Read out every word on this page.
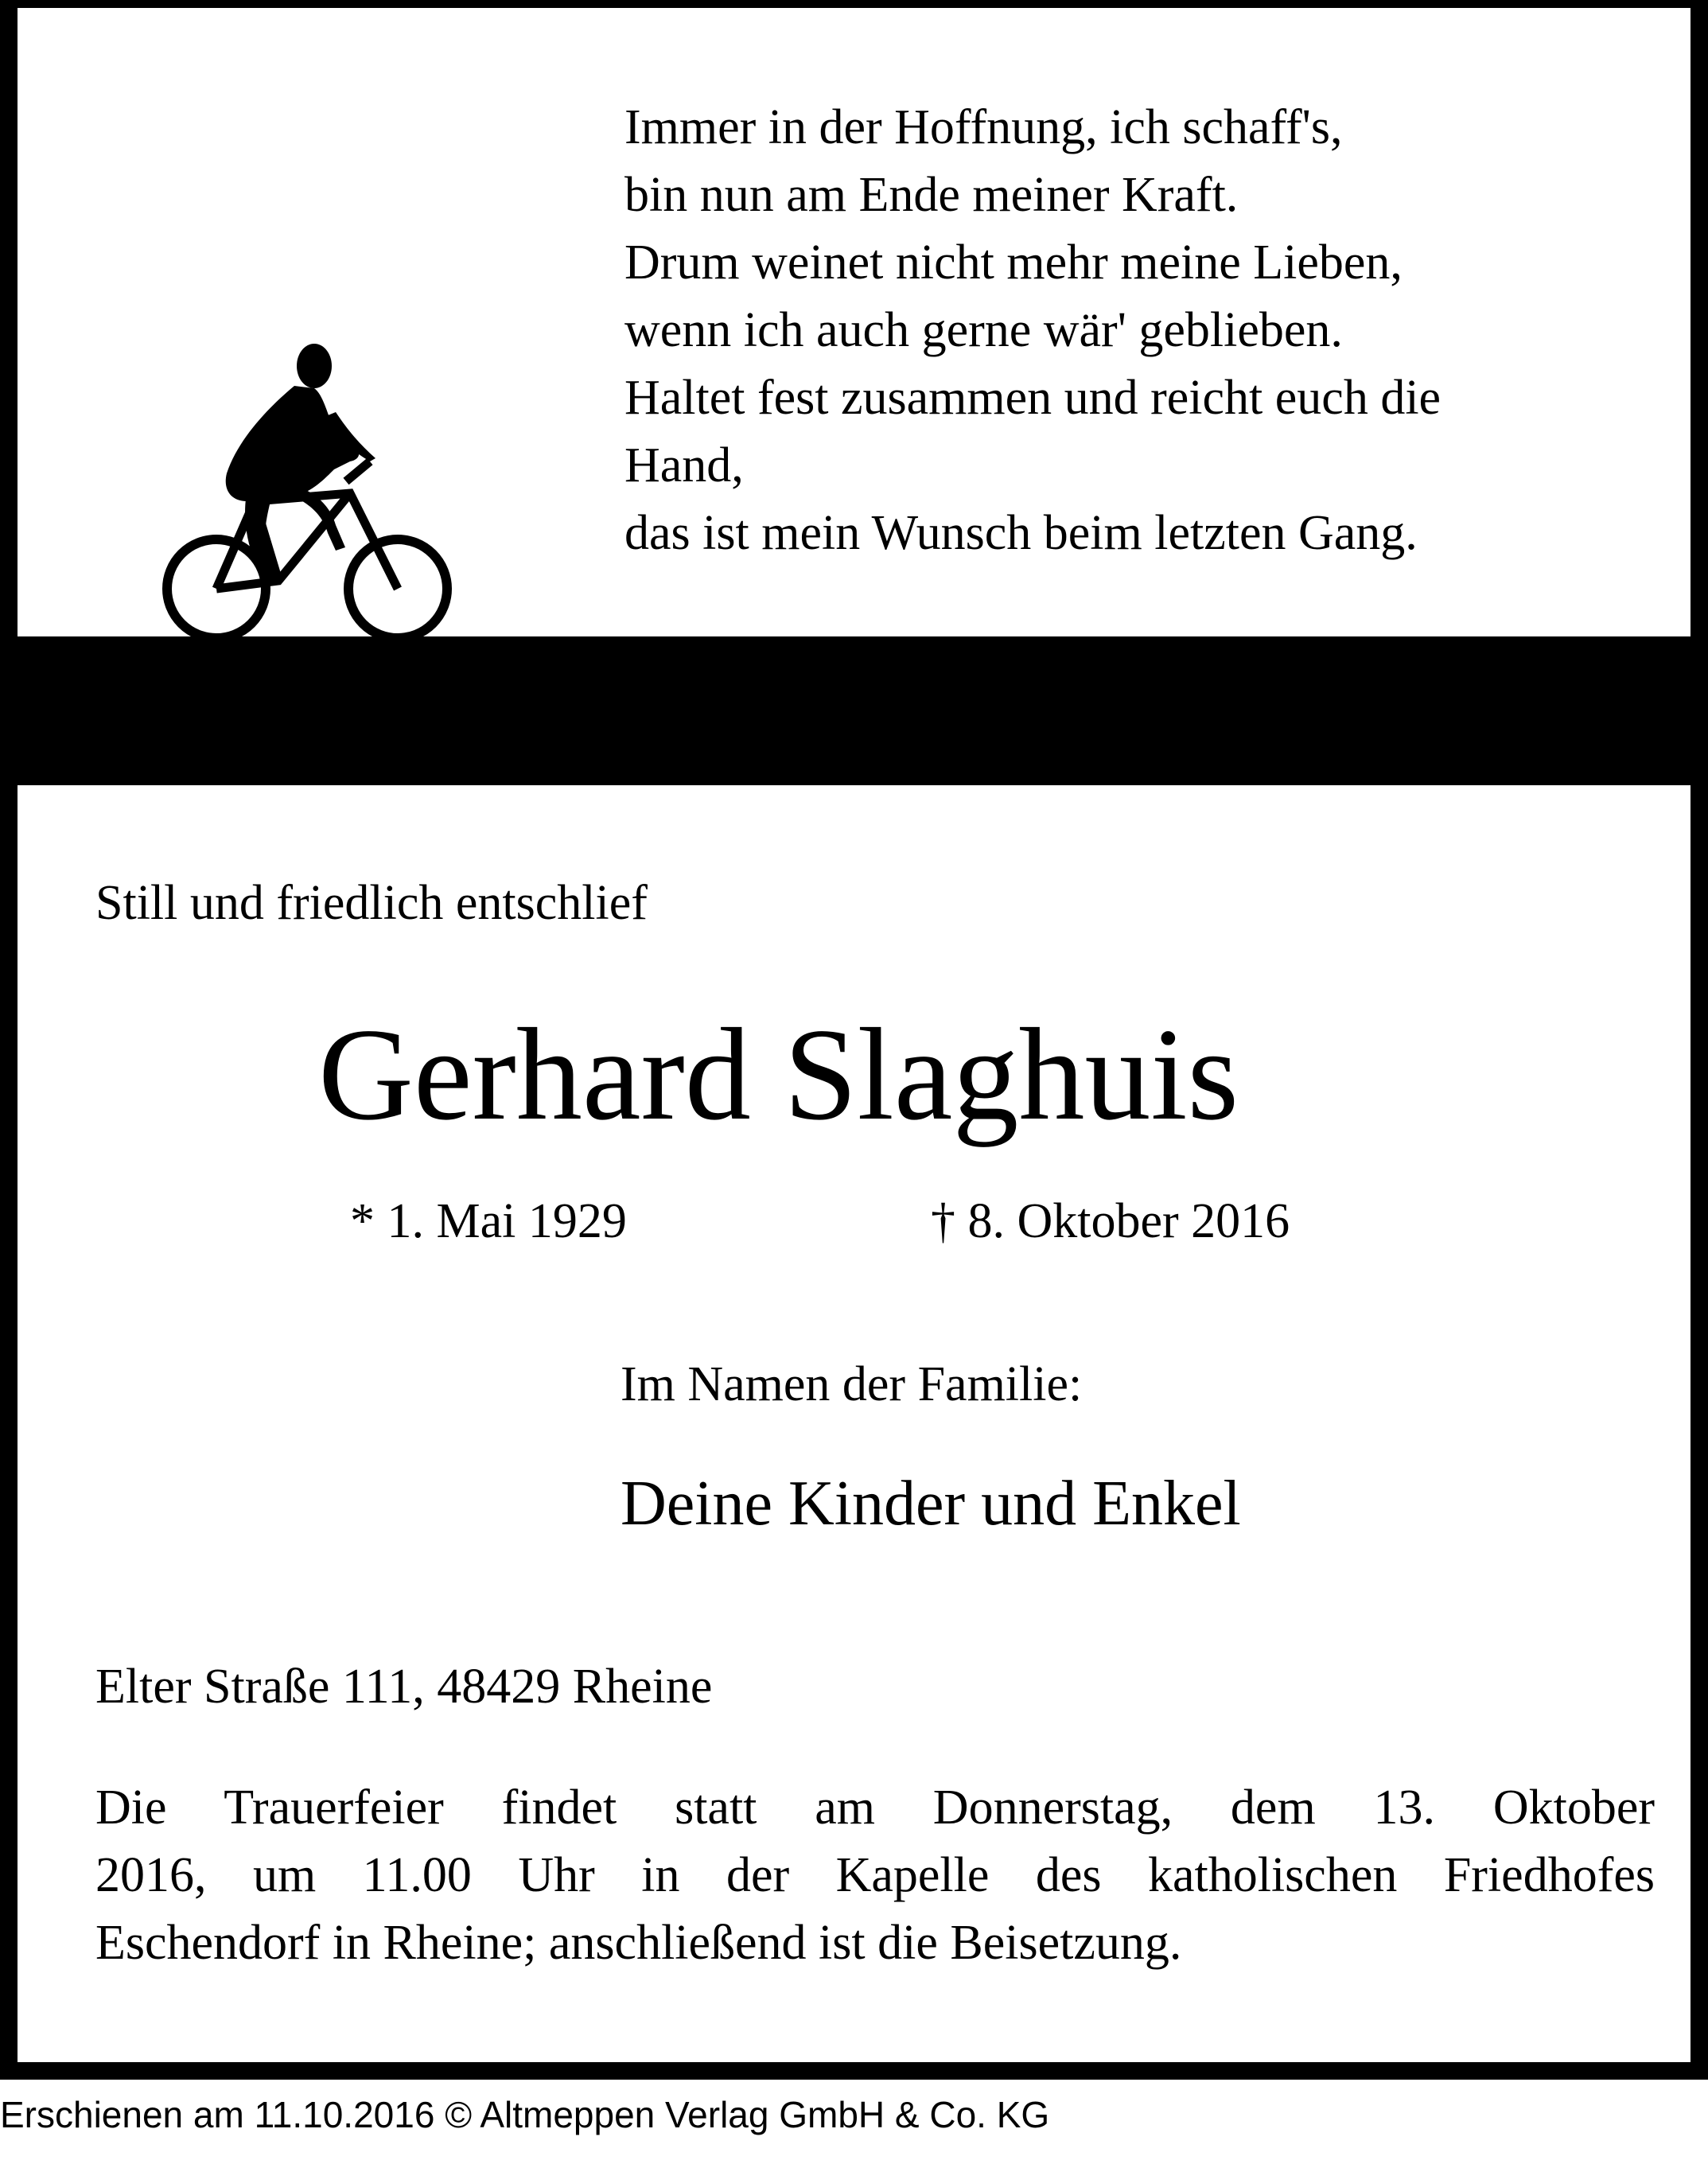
Immer in der Hoffnung, ich schaff's,
bin nun am Ende meiner Kraft.
Drum weinet nicht mehr meine Lieben,
wenn ich auch gerne wär' geblieben.
Haltet fest zusammen und reicht euch die
Hand,
das ist mein Wunsch beim letzten Gang.
Still und friedlich entschlief
Gerhard Slaghuis
* 1. Mai 1929	† 8. Oktober 2016
Im Namen der Familie:
Deine Kinder und Enkel
Elter Straße 111, 48429 Rheine
Die Trauerfeier findet statt am Donnerstag, dem 13. Oktober
2016, um 11.00 Uhr in der Kapelle des katholischen Friedhofes
Eschendorf in Rheine; anschließend ist die Beisetzung.
Erschienen am 11.10.2016 © Altmeppen Verlag GmbH & Co. KG
